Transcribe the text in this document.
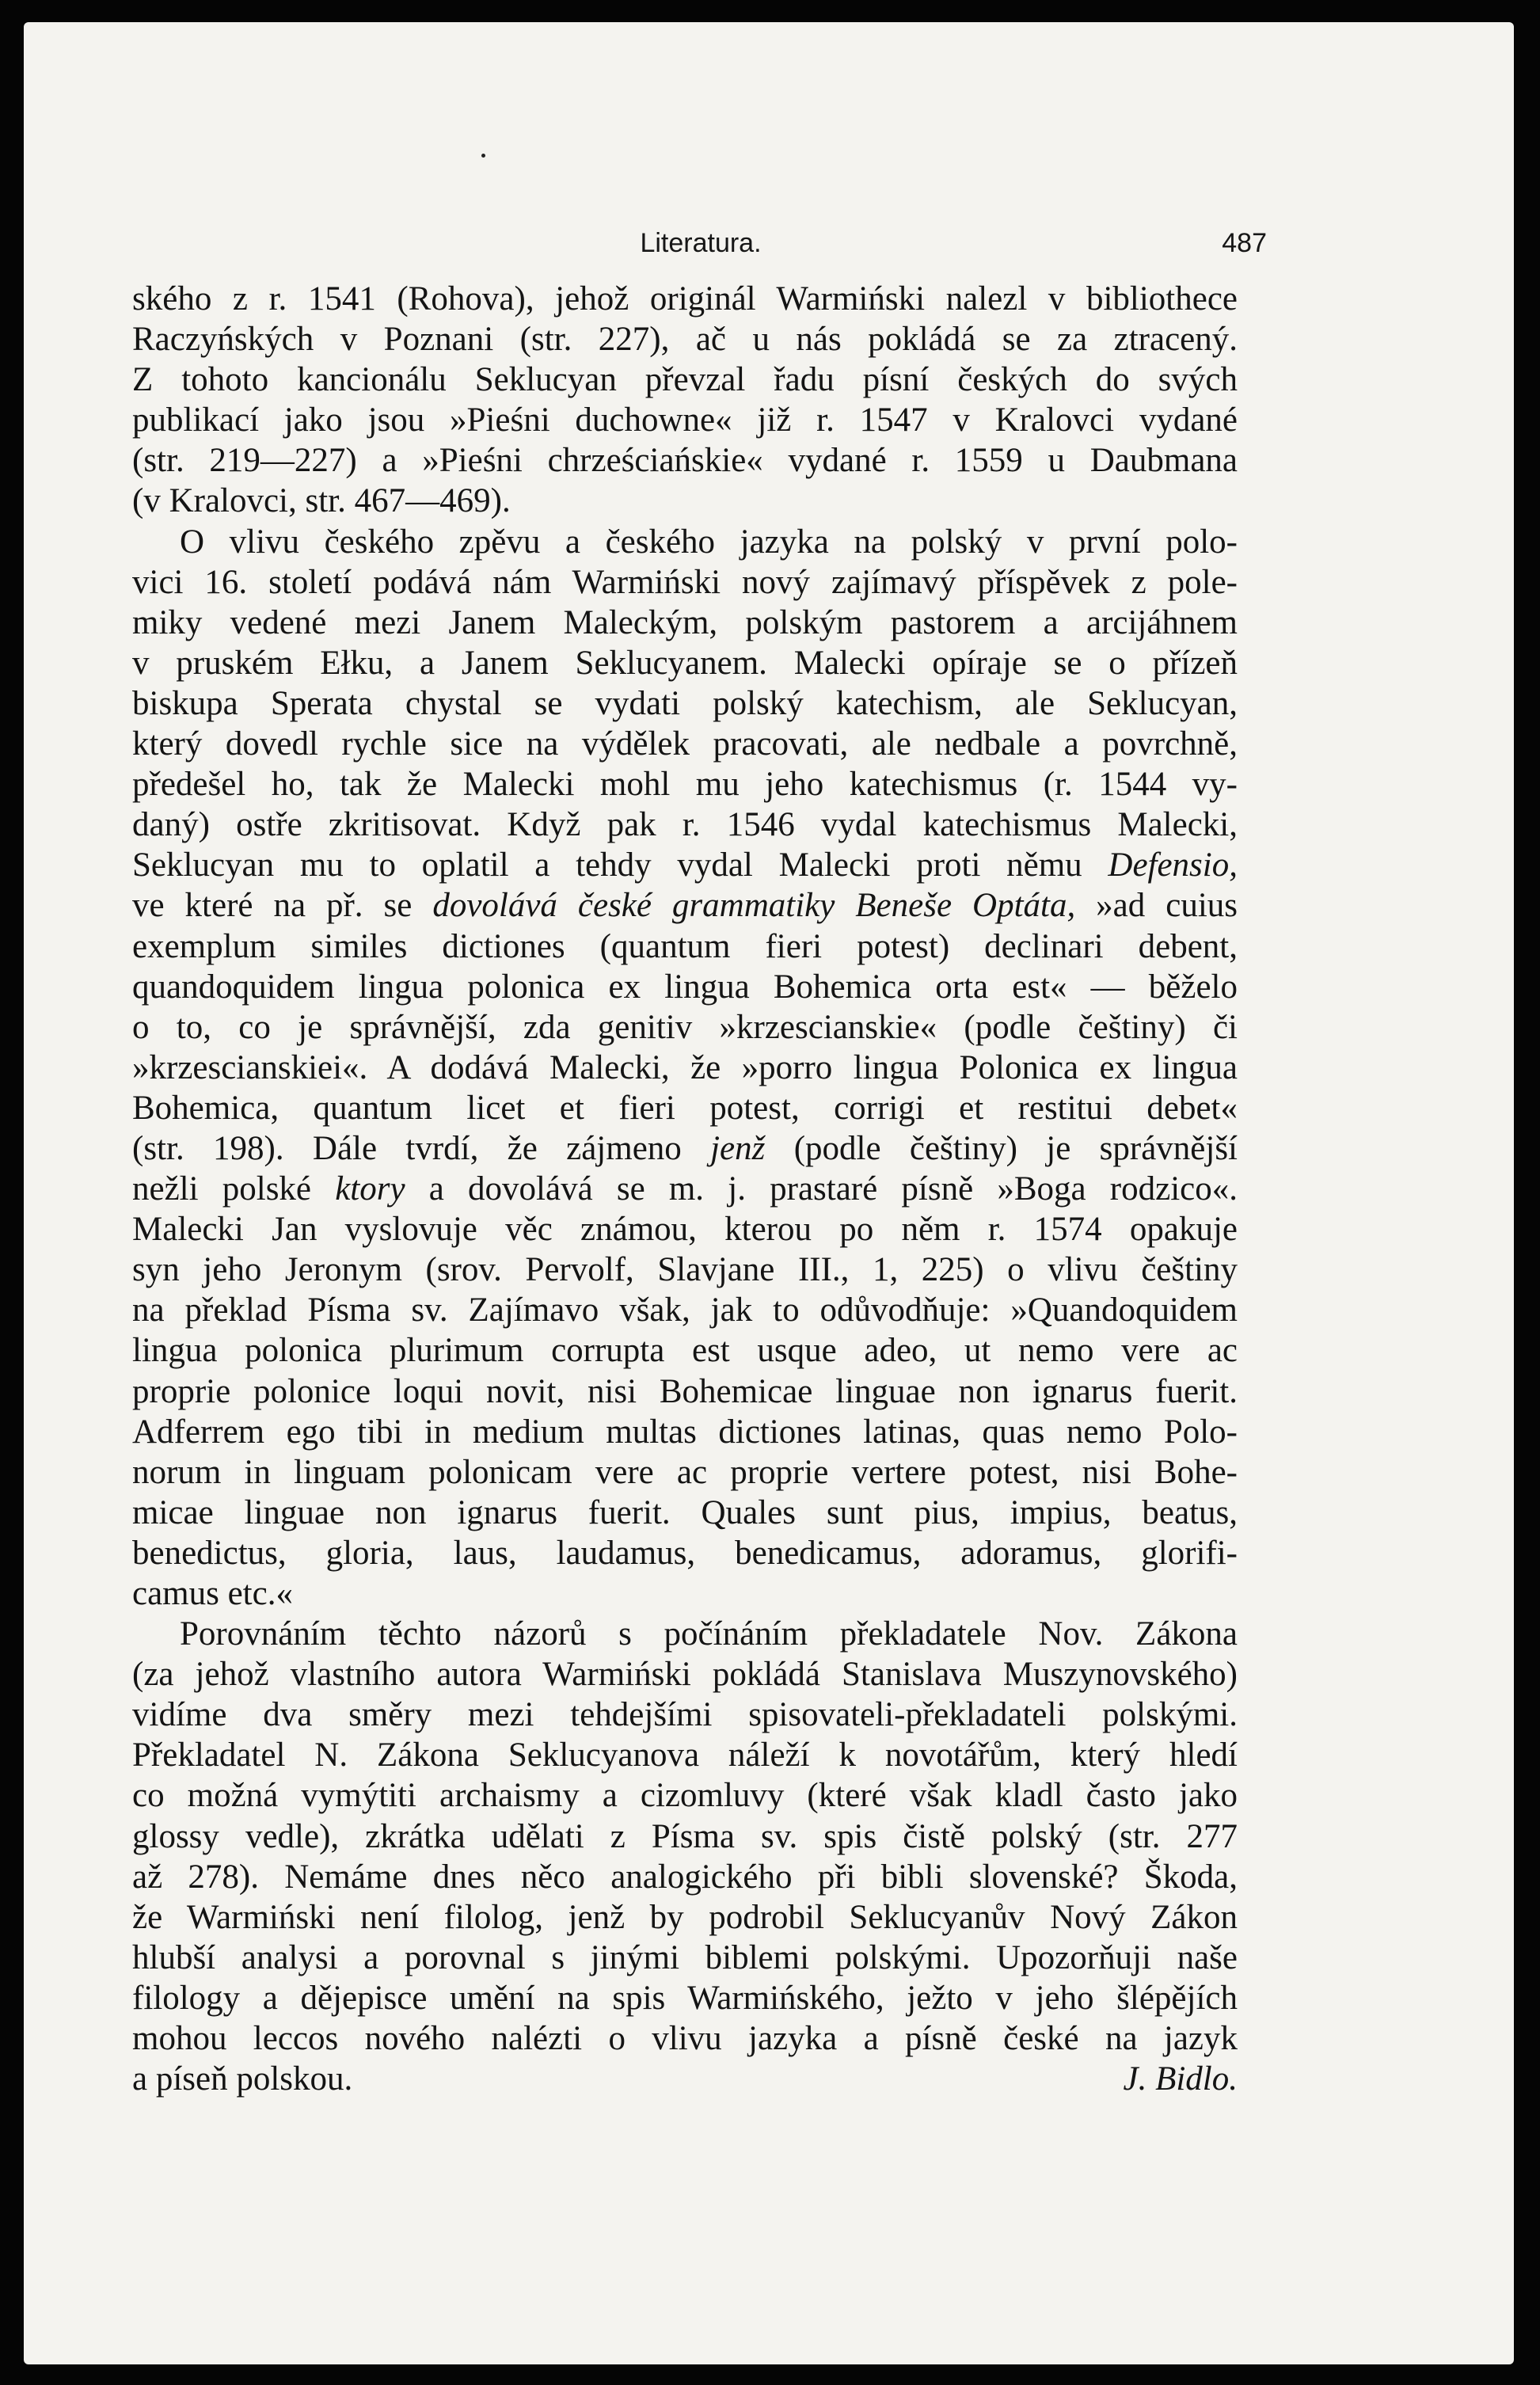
Literatura.	487
ského z r. 1541 (Rohova), jehož originál Warmiński nalezl v bibliothece
Raczyńských v Poznani (str. 227), ač u nás pokládá se za ztracený.
Z tohoto kancionálu Seklucyan převzal řadu písní českých do svých
publikací jako jsou »Pieśni duchowne« již r. 1547 v Kralovci vydané
(str. 219—227) a »Pieśni chrześciańskie« vydané r. 1559 u Daubmana
(v Kralovci, str. 467—469).
O vlivu českého zpěvu a českého jazyka na polský v první polo-
vici 16. století podává nám Warmiński nový zajímavý příspěvek z pole-
miky vedené mezi Janem Maleckým, polským pastorem a arcijáhnem
v pruském Ełku, a Janem Seklucyanem. Malecki opíraje se o přízeň
biskupa Sperata chystal se vydati polský katechism, ale Seklucyan,
který dovedl rychle sice na výdělek pracovati, ale nedbale a povrchně,
předešel ho, tak že Malecki mohl mu jeho katechismus (r. 1544 vy-
daný) ostře zkritisovat. Když pak r. 1546 vydal katechismus Malecki,
Seklucyan mu to oplatil a tehdy vydal Malecki proti němu Defensio,
ve které na př. se dovolává české grammatiky Beneše Optáta, »ad cuius
exemplum similes dictiones (quantum fieri potest) declinari debent,
quandoquidem lingua polonica ex lingua Bohemica orta est« — běželo
o to, co je správnější, zda genitiv »krzescianskie« (podle češtiny) či
»krzescianskiei«. A dodává Malecki, že »porro lingua Polonica ex lingua
Bohemica, quantum licet et fieri potest, corrigi et restitui debet«
(str. 198). Dále tvrdí, že zájmeno jenž (podle češtiny) je správnější
nežli polské ktory a dovolává se m. j. prastaré písně »Boga rodzico«.
Malecki Jan vyslovuje věc známou, kterou po něm r. 1574 opakuje
syn jeho Jeronym (srov. Pervolf, Slavjane III., 1, 225) o vlivu češtiny
na překlad Písma sv. Zajímavo však, jak to odůvodňuje: »Quandoquidem
lingua polonica plurimum corrupta est usque adeo, ut nemo vere ac
proprie polonice loqui novit, nisi Bohemicae linguae non ignarus fuerit.
Adferrem ego tibi in medium multas dictiones latinas, quas nemo Polo-
norum in linguam polonicam vere ac proprie vertere potest, nisi Bohe-
micae linguae non ignarus fuerit. Quales sunt pius, impius, beatus,
benedictus, gloria, laus, laudamus, benedicamus, adoramus, glorifi-
camus etc.«
Porovnáním těchto názorů s počínáním překladatele Nov. Zákona
(za jehož vlastního autora Warmiński pokládá Stanislava Muszynovského)
vidíme dva směry mezi tehdejšími spisovateli-překladateli polskými.
Překladatel N. Zákona Seklucyanova náleží k novotářům, který hledí
co možná vymýtiti archaismy a cizomluvy (které však kladl často jako
glossy vedle), zkrátka udělati z Písma sv. spis čistě polský (str. 277
až 278). Nemáme dnes něco analogického při bibli slovenské? Škoda,
že Warmiński není filolog, jenž by podrobil Seklucyanův Nový Zákon
hlubší analysi a porovnal s jinými biblemi polskými. Upozorňuji naše
filology a dějepisce umění na spis Warmińského, ježto v jeho šlépějích
mohou leccos nového nalézti o vlivu jazyka a písně české na jazyk
a píseň polskou.	J. Bidlo.
